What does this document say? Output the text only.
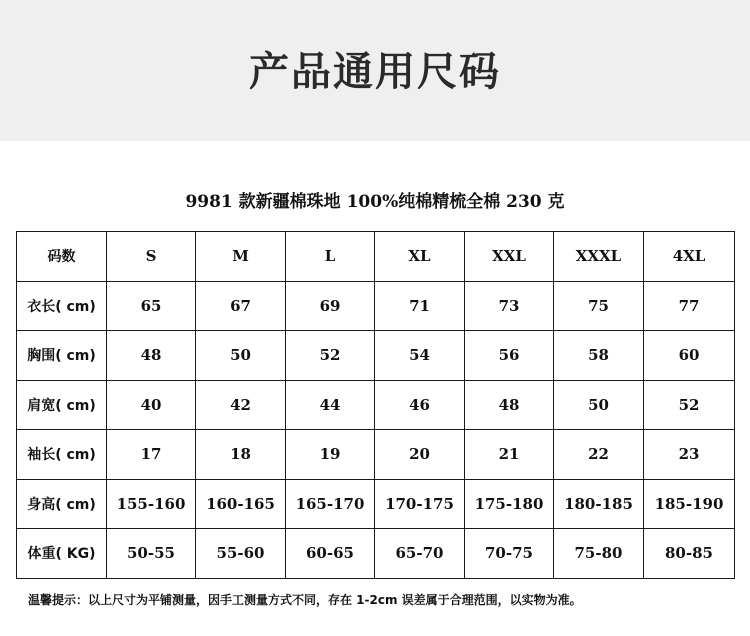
产品通用尺码
9981 款新疆棉珠地 100%纯棉精梳全棉 230 克
码数	S	M	L	XL	XXL	XXXL	4XL
衣长( cm)	65	67	69	71	73	75	77
胸围( cm)	48	50	52	54	56	58	60
肩宽( cm)	40	42	44	46	48	50	52
袖长( cm)	17	18	19	20	21	22	23
身高( cm)	155-160	160-165	165-170	170-175	175-180	180-185	185-190
体重( KG)	50-55	55-60	60-65	65-70	70-75	75-80	80-85
温馨提示：以上尺寸为平铺测量，因手工测量方式不同，存在 1-2cm 误差属于合理范围，以实物为准。
